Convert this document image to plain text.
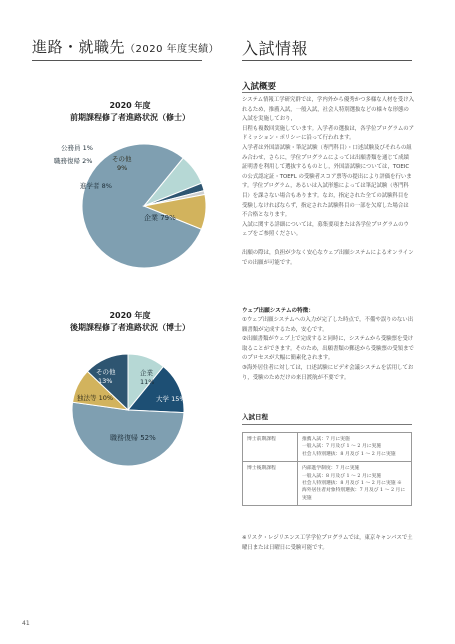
進路・就職先（2020 年度実績） 入試情報
2020 年度
前期課程修了者進路状況（修士）
企業 79%
進学者 8%
職務復帰 2%
公務員 1%
その他
9%
2020 年度
後期課程修了者進路状況（博士）
企業
11%
大学 15%
職務復帰 52%
独法等 10%
その他
13%
入試概要

システム情報工学研究群では，学内外から優秀かつ多様な人材を受け入れるため，推薦入試，一般入試，社会人特別選抜などの様々な形態の入試を実施しており，

日程も複数回実施しています。入学者の選抜は，各学位プログラムのアドミッション・ポリシーに沿って行われます。

入学者は外国語試験・筆記試験（専門科目）・口述試験及びそれらの組み合わせ，さらに，学位プログラムによっては出願書類を通じて成績証明書を利用して選抜するものとし，外国語試験については，TOEIC の公式認定証・TOEFL の受験者スコア票等の提出により評価を行います。学位プログラム，あるいは入試形態によっては筆記試験（専門科目）を課さない場合もあります。なお，指定された全ての試験科目を受験しなければならず，指定された試験科目の一部を欠席した場合は不合格となります。

入試に関する詳細については，募集要項または各学位プログラムのウェブをご参照ください。

出願の際は，負担が少なく安心なウェブ出願システムによるオンラインでの出願が可能です。

ウェブ出願システムの特徴：

①ウェブ出願システムへの入力が完了した時点で，不備や誤りのない出願書類が完成するため，安心です。

②出願書類がウェブ上で完成すると同時に，システムから受験票を受け取ることができます。そのため，出願書類の郵送から受験票の受領までのプロセスが大幅に簡素化されます。

③海外居住者に対しては，口述試験にビデオ会議システムを活用しており，受験のためだけの来日渡航が不要です。

入試日程
博士前期課程	推薦入試：7 月に実施
一般入試：7 月及び 1 ～ 2 月に実施
社会人特別選抜：8 月及び 1 ～ 2 月に実施

博士後期課程	内部進学制度：7 月に実施
一般入試：8 月及び 1 ～ 2 月に実施
社会人特別選抜：8 月及び 1 ～ 2 月に実施 ※
海外居住者対象特別選抜：7 月及び 1 ～ 2 月に
実施
※リスク・レジリエンス工学学位プログラムでは，東京キャンパスで土曜日または日曜日に受験可能です。
41
